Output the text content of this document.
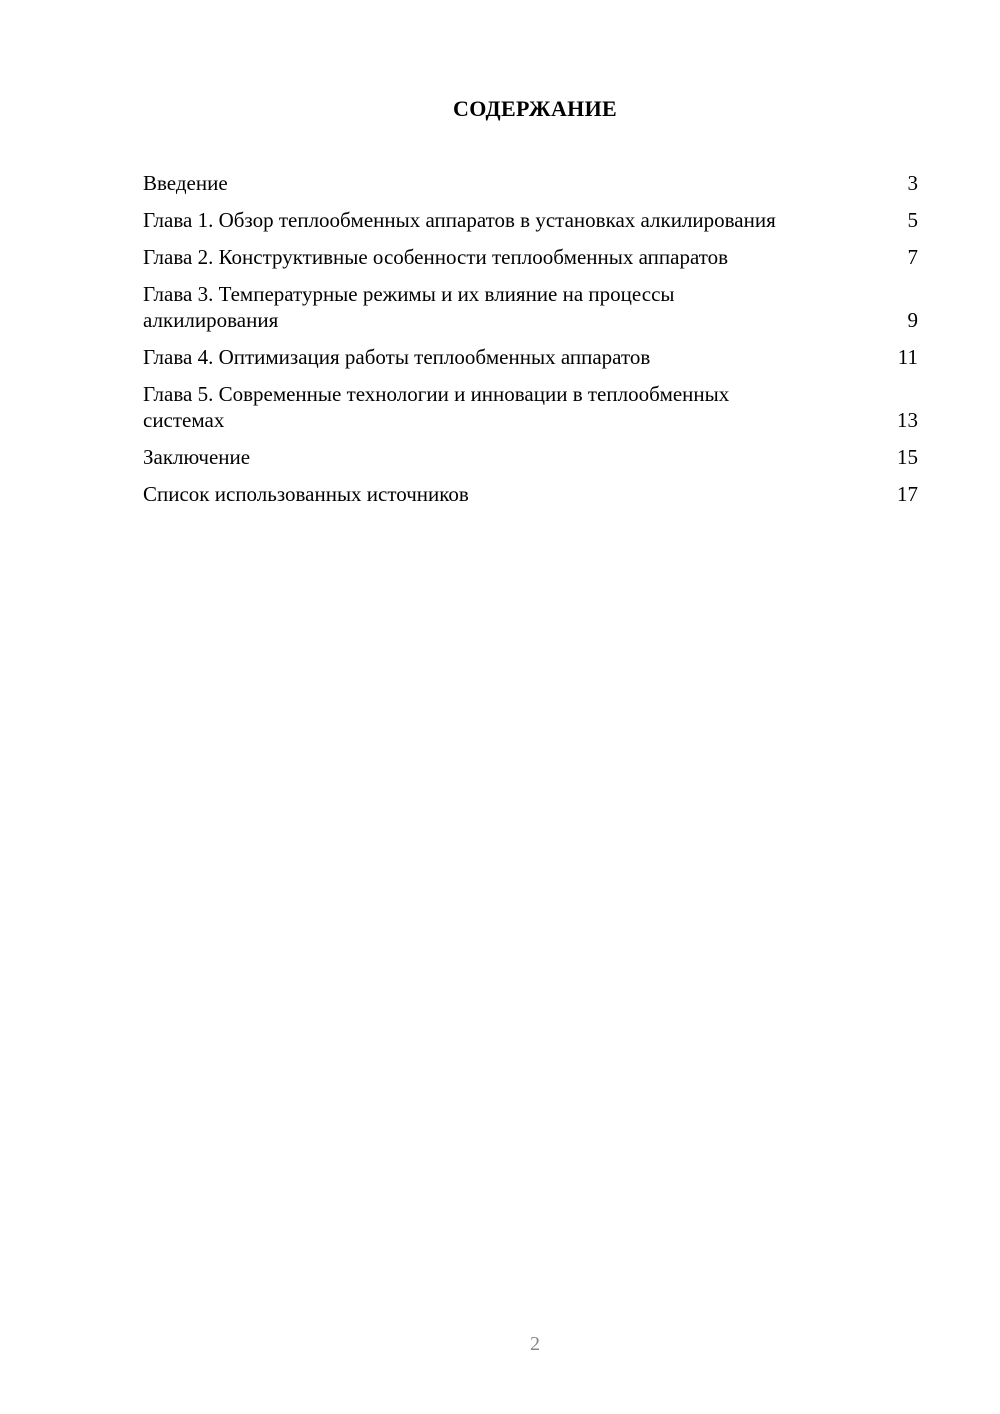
СОДЕРЖАНИЕ
Введение	3
Глава 1. Обзор теплообменных аппаратов в установках алкилирования	5
Глава 2. Конструктивные особенности теплообменных аппаратов	7
Глава 3. Температурные режимы и их влияние на процессы алкилирования	9
Глава 4. Оптимизация работы теплообменных аппаратов	11
Глава 5. Современные технологии и инновации в теплообменных системах	13
Заключение	15
Список использованных источников	17
2
